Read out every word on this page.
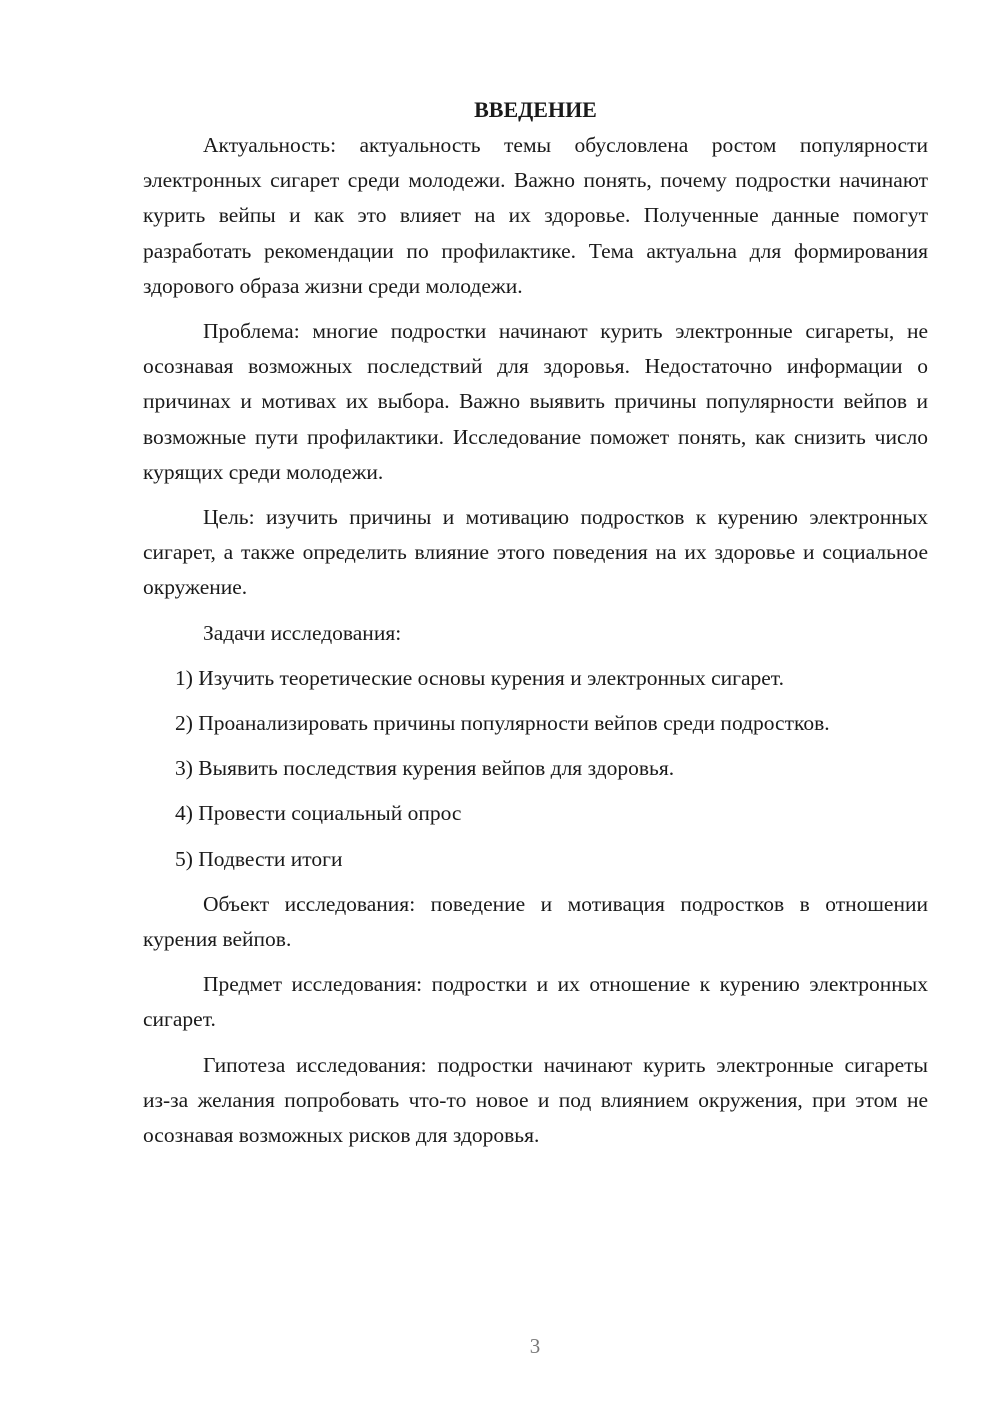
ВВЕДЕНИЕ

Актуальность: актуальность темы обусловлена ростом популярности электронных сигарет среди молодежи. Важно понять, почему подростки начинают курить вейпы и как это влияет на их здоровье. Полученные данные помогут разработать рекомендации по профилактике. Тема актуальна для формирования здорового образа жизни среди молодежи.

Проблема: многие подростки начинают курить электронные сигареты, не осознавая возможных последствий для здоровья. Недостаточно информации о причинах и мотивах их выбора. Важно выявить причины популярности вейпов и возможные пути профилактики. Исследование поможет понять, как снизить число курящих среди молодежи.

Цель: изучить причины и мотивацию подростков к курению электронных сигарет, а также определить влияние этого поведения на их здоровье и социальное окружение.

Задачи исследования:

1) Изучить теоретические основы курения и электронных сигарет.

2) Проанализировать причины популярности вейпов среди подростков.

3) Выявить последствия курения вейпов для здоровья.

4) Провести социальный опрос

5) Подвести итоги

Объект исследования: поведение и мотивация подростков в отношении курения вейпов.

Предмет исследования: подростки и их отношение к курению электронных сигарет.

Гипотеза исследования: подростки начинают курить электронные сигареты из-за желания попробовать что-то новое и под влиянием окружения, при этом не осознавая возможных рисков для здоровья.

3
